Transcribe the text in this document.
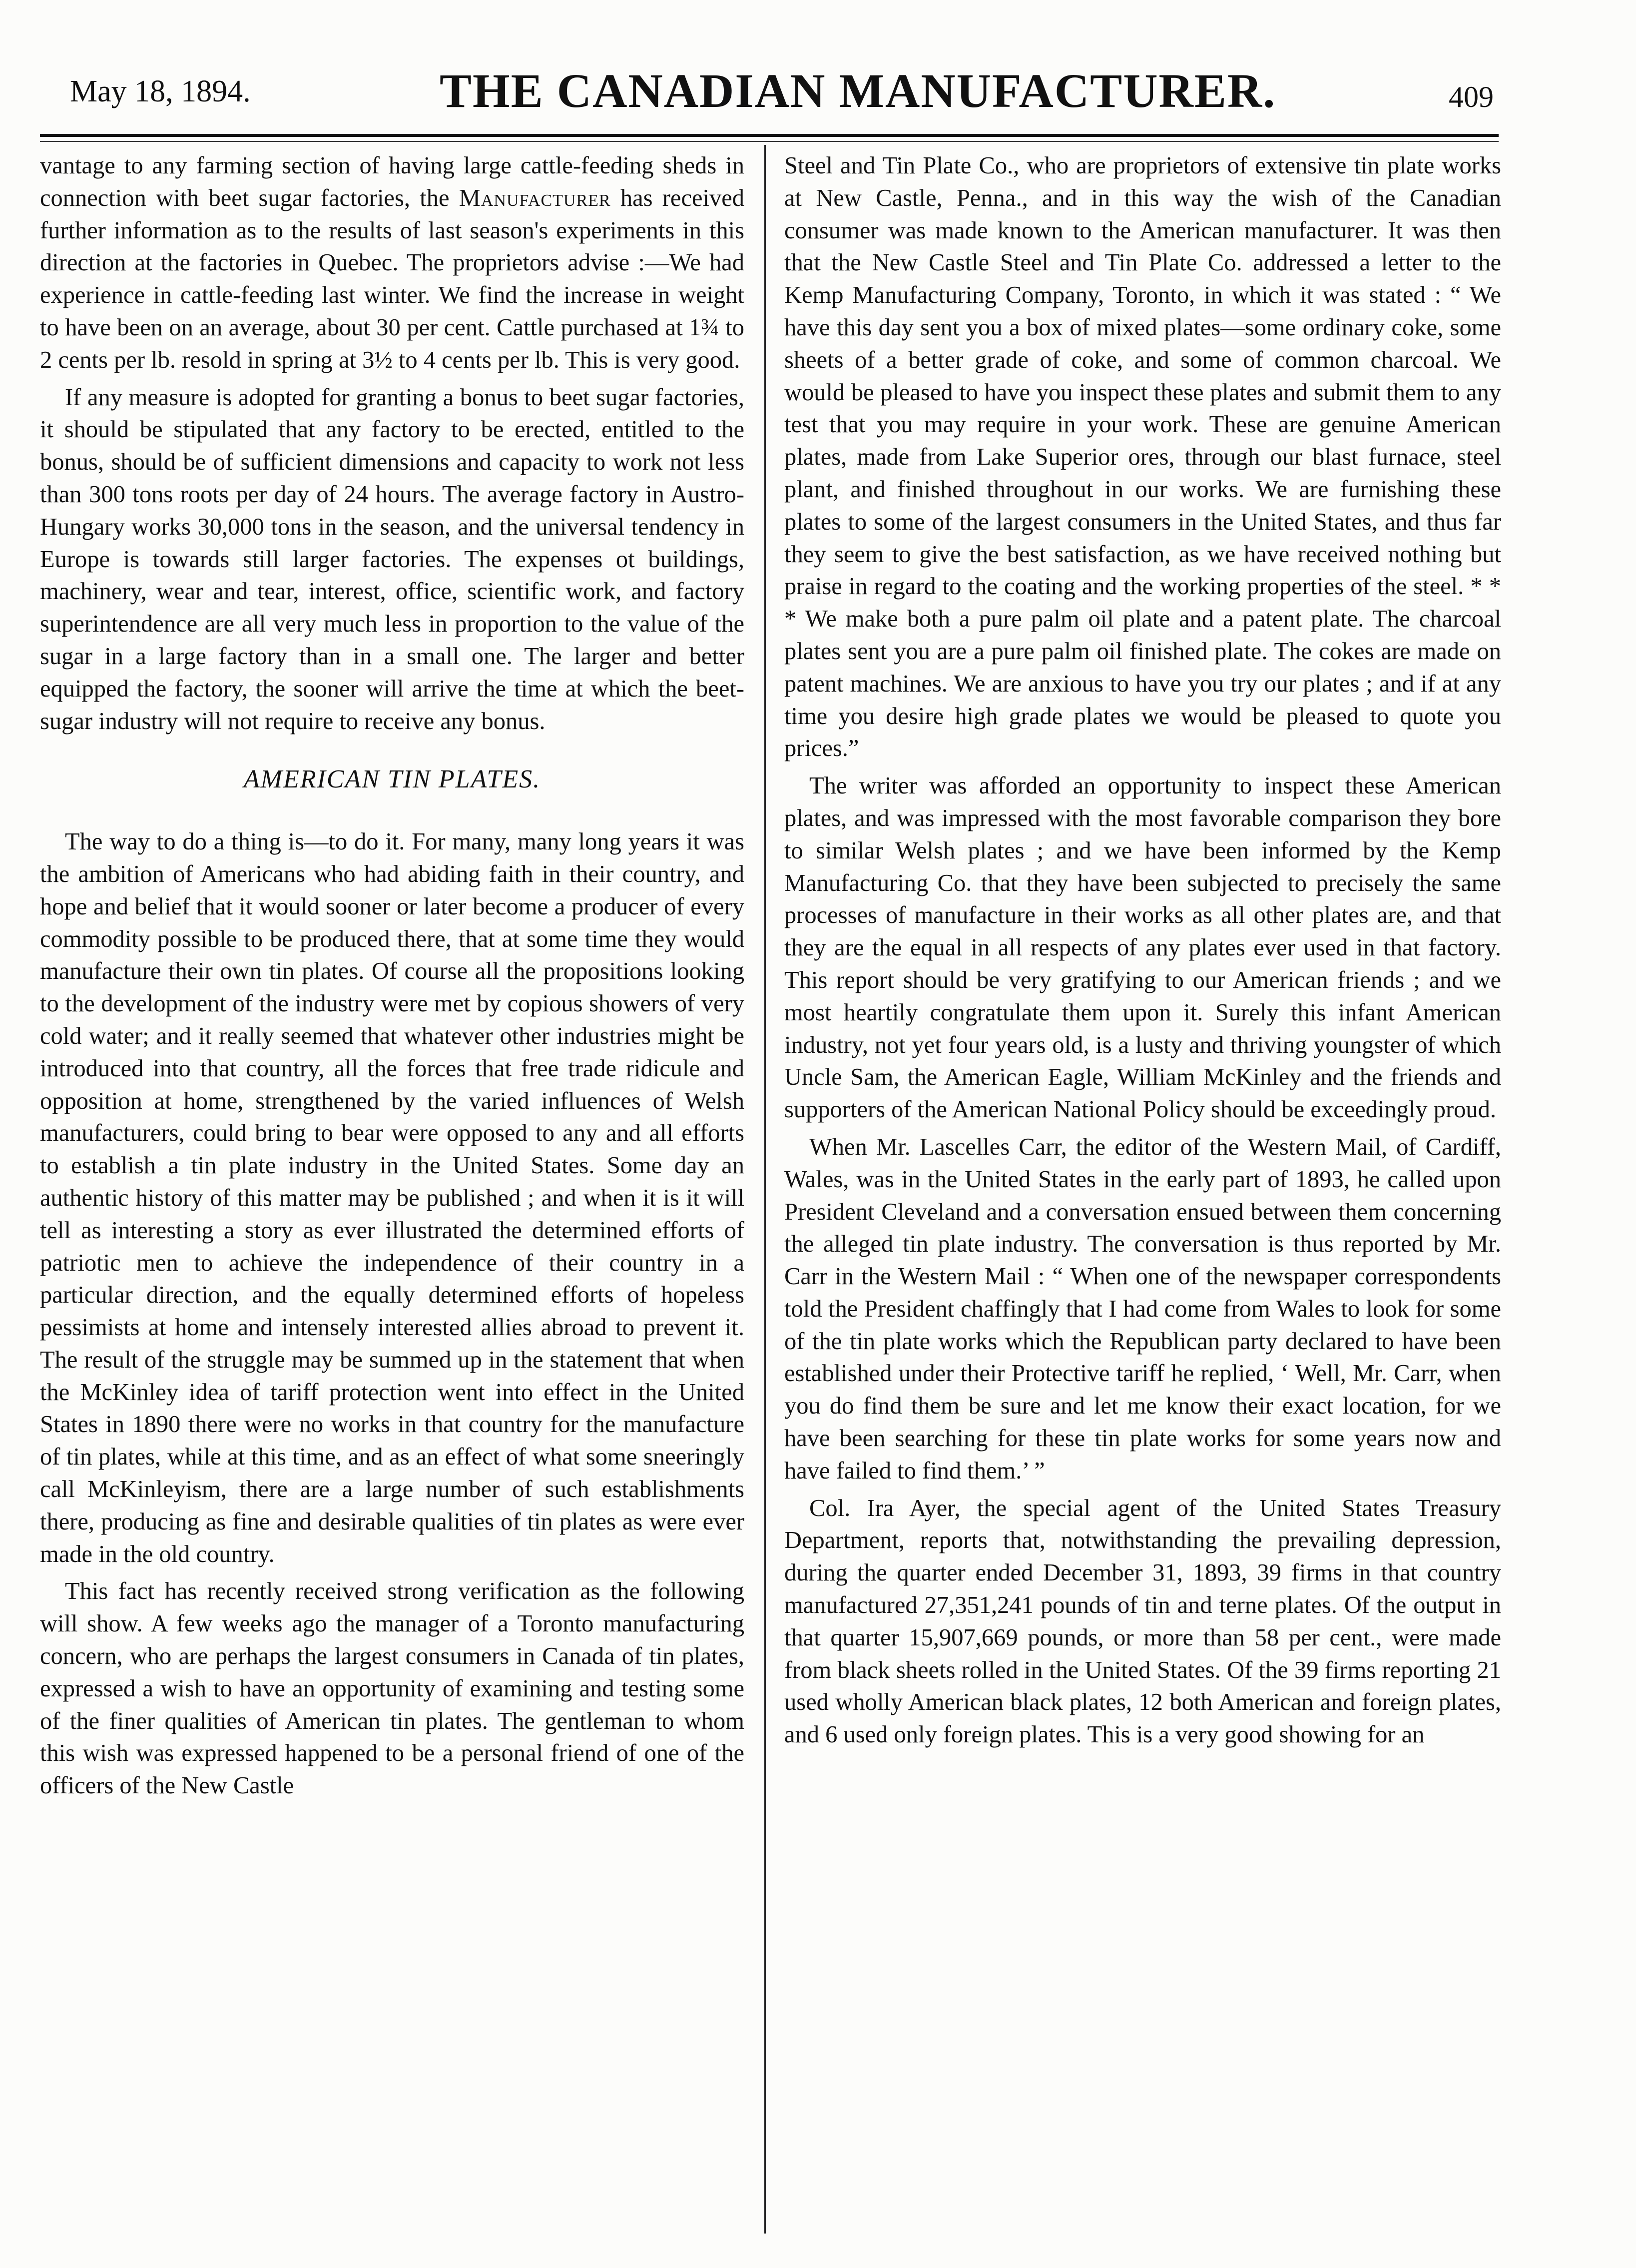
May 18, 1894.	THE CANADIAN MANUFACTURER.	409

vantage to any farming section of having large cattle-feeding sheds in connection with beet sugar factories, the Manufacturer has received further information as to the results of last season's experiments in this direction at the factories in Quebec. The proprietors advise :—We had experience in cattle-feeding last winter. We find the increase in weight to have been on an average, about 30 per cent. Cattle purchased at 1¾ to 2 cents per lb. resold in spring at 3½ to 4 cents per lb. This is very good.

If any measure is adopted for granting a bonus to beet sugar factories, it should be stipulated that any factory to be erected, entitled to the bonus, should be of sufficient dimensions and capacity to work not less than 300 tons roots per day of 24 hours. The average factory in Austro-Hungary works 30,000 tons in the season, and the universal tendency in Europe is towards still larger factories. The expenses ot buildings, machinery, wear and tear, interest, office, scientific work, and factory superintendence are all very much less in proportion to the value of the sugar in a large factory than in a small one. The larger and better equipped the factory, the sooner will arrive the time at which the beet-sugar industry will not require to receive any bonus.

AMERICAN TIN PLATES.

The way to do a thing is—to do it. For many, many long years it was the ambition of Americans who had abiding faith in their country, and hope and belief that it would sooner or later become a producer of every commodity possible to be produced there, that at some time they would manufacture their own tin plates. Of course all the propositions looking to the development of the industry were met by copious showers of very cold water; and it really seemed that whatever other industries might be introduced into that country, all the forces that free trade ridicule and opposition at home, strengthened by the varied influences of Welsh manufacturers, could bring to bear were opposed to any and all efforts to establish a tin plate industry in the United States. Some day an authentic history of this matter may be published ; and when it is it will tell as interesting a story as ever illustrated the determined efforts of patriotic men to achieve the independence of their country in a particular direction, and the equally determined efforts of hopeless pessimists at home and intensely interested allies abroad to prevent it. The result of the struggle may be summed up in the statement that when the McKinley idea of tariff protection went into effect in the United States in 1890 there were no works in that country for the manufacture of tin plates, while at this time, and as an effect of what some sneeringly call McKinleyism, there are a large number of such establishments there, producing as fine and desirable qualities of tin plates as were ever made in the old country.

This fact has recently received strong verification as the following will show. A few weeks ago the manager of a Toronto manufacturing concern, who are perhaps the largest consumers in Canada of tin plates, expressed a wish to have an opportunity of examining and testing some of the finer qualities of American tin plates. The gentleman to whom this wish was expressed happened to be a personal friend of one of the officers of the New Castle

Steel and Tin Plate Co., who are proprietors of extensive tin plate works at New Castle, Penna., and in this way the wish of the Canadian consumer was made known to the American manufacturer. It was then that the New Castle Steel and Tin Plate Co. addressed a letter to the Kemp Manufacturing Company, Toronto, in which it was stated : “ We have this day sent you a box of mixed plates—some ordinary coke, some sheets of a better grade of coke, and some of common charcoal. We would be pleased to have you inspect these plates and submit them to any test that you may require in your work. These are genuine American plates, made from Lake Superior ores, through our blast furnace, steel plant, and finished throughout in our works. We are furnishing these plates to some of the largest consumers in the United States, and thus far they seem to give the best satisfaction, as we have received nothing but praise in regard to the coating and the working properties of the steel. * * * We make both a pure palm oil plate and a patent plate. The charcoal plates sent you are a pure palm oil finished plate. The cokes are made on patent machines. We are anxious to have you try our plates ; and if at any time you desire high grade plates we would be pleased to quote you prices.”

The writer was afforded an opportunity to inspect these American plates, and was impressed with the most favorable comparison they bore to similar Welsh plates ; and we have been informed by the Kemp Manufacturing Co. that they have been subjected to precisely the same processes of manufacture in their works as all other plates are, and that they are the equal in all respects of any plates ever used in that factory. This report should be very gratifying to our American friends ; and we most heartily congratulate them upon it. Surely this infant American industry, not yet four years old, is a lusty and thriving youngster of which Uncle Sam, the American Eagle, William McKinley and the friends and supporters of the American National Policy should be exceedingly proud.

When Mr. Lascelles Carr, the editor of the Western Mail, of Cardiff, Wales, was in the United States in the early part of 1893, he called upon President Cleveland and a conversation ensued between them concerning the alleged tin plate industry. The conversation is thus reported by Mr. Carr in the Western Mail : “ When one of the newspaper correspondents told the President chaffingly that I had come from Wales to look for some of the tin plate works which the Republican party declared to have been established under their Protective tariff he replied, ‘ Well, Mr. Carr, when you do find them be sure and let me know their exact location, for we have been searching for these tin plate works for some years now and have failed to find them.’ ”

Col. Ira Ayer, the special agent of the United States Treasury Department, reports that, notwithstanding the prevailing depression, during the quarter ended December 31, 1893, 39 firms in that country manufactured 27,351,241 pounds of tin and terne plates. Of the output in that quarter 15,907,669 pounds, or more than 58 per cent., were made from black sheets rolled in the United States. Of the 39 firms reporting 21 used wholly American black plates, 12 both American and foreign plates, and 6 used only foreign plates. This is a very good showing for an
